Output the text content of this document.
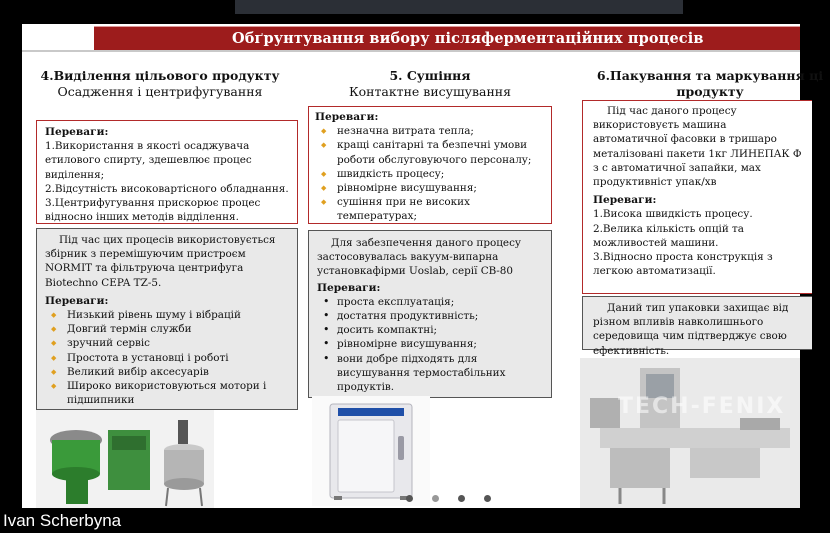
Обґрунтування вибору післяферментаційних процесів
4.Виділення цільового продукту
Осадження і центрифугування

Переваги:

1.Використання в якості осаджувача етилового спирту, здешевлює процес виділення;

2.Відсутність високовартісного обладнання.

3.Центрифугування прискорює процес відносно інших методів відділення.

Під час цих процесів використовується збірник з перемішуючим пристроєм NORMIT та фільтруюча центрифуга Biotechno CEPA TZ-5.

Переваги:

◆ Низький рівень шуму і вібрацій
◆ Довгий термін служби
◆ зручний сервіс
◆ Простота в установці і роботі
◆ Великий вибір аксесуарів
◆ Широко використовуються мотори і підшипники
5. Сушіння
Контактне висушування

Переваги:

◆ незначна витрата тепла;
◆ кращі санітарні та безпечні умови роботи обслуговуючого персоналу;
◆ швидкість процесу;
◆ рівномірне висушування;
◆ сушіння при не високих температурах;

Для забезпечення даного процесу застосовувалась вакуум-випарна установкафірми Uoslab, серії СВ-80

Переваги:

• проста експлуатація;
• достатня продуктивність;
• досить компактні;
• рівномірне висушування;
• вони добре підходять для висушування термостабільних продуктів.
6.Пакування та маркування ці продукту

Під час даного процесу використовуєть машина автоматичної фасовки в тришаро металізовані пакети 1кг ЛИНЕПАК Ф з с автоматичної запайки, мах продуктивніст упак/хв

Переваги:

1.Висока швидкість процесу.

2.Велика кількість опцій та можливостей машини.

3.Відносно проста конструкція з легкою автоматизації.

Даний тип упаковки захищає від різном впливів навколишнього середовища чим підтверджує свою ефективність.

TECH-FENIX
Ivan Scherbyna
